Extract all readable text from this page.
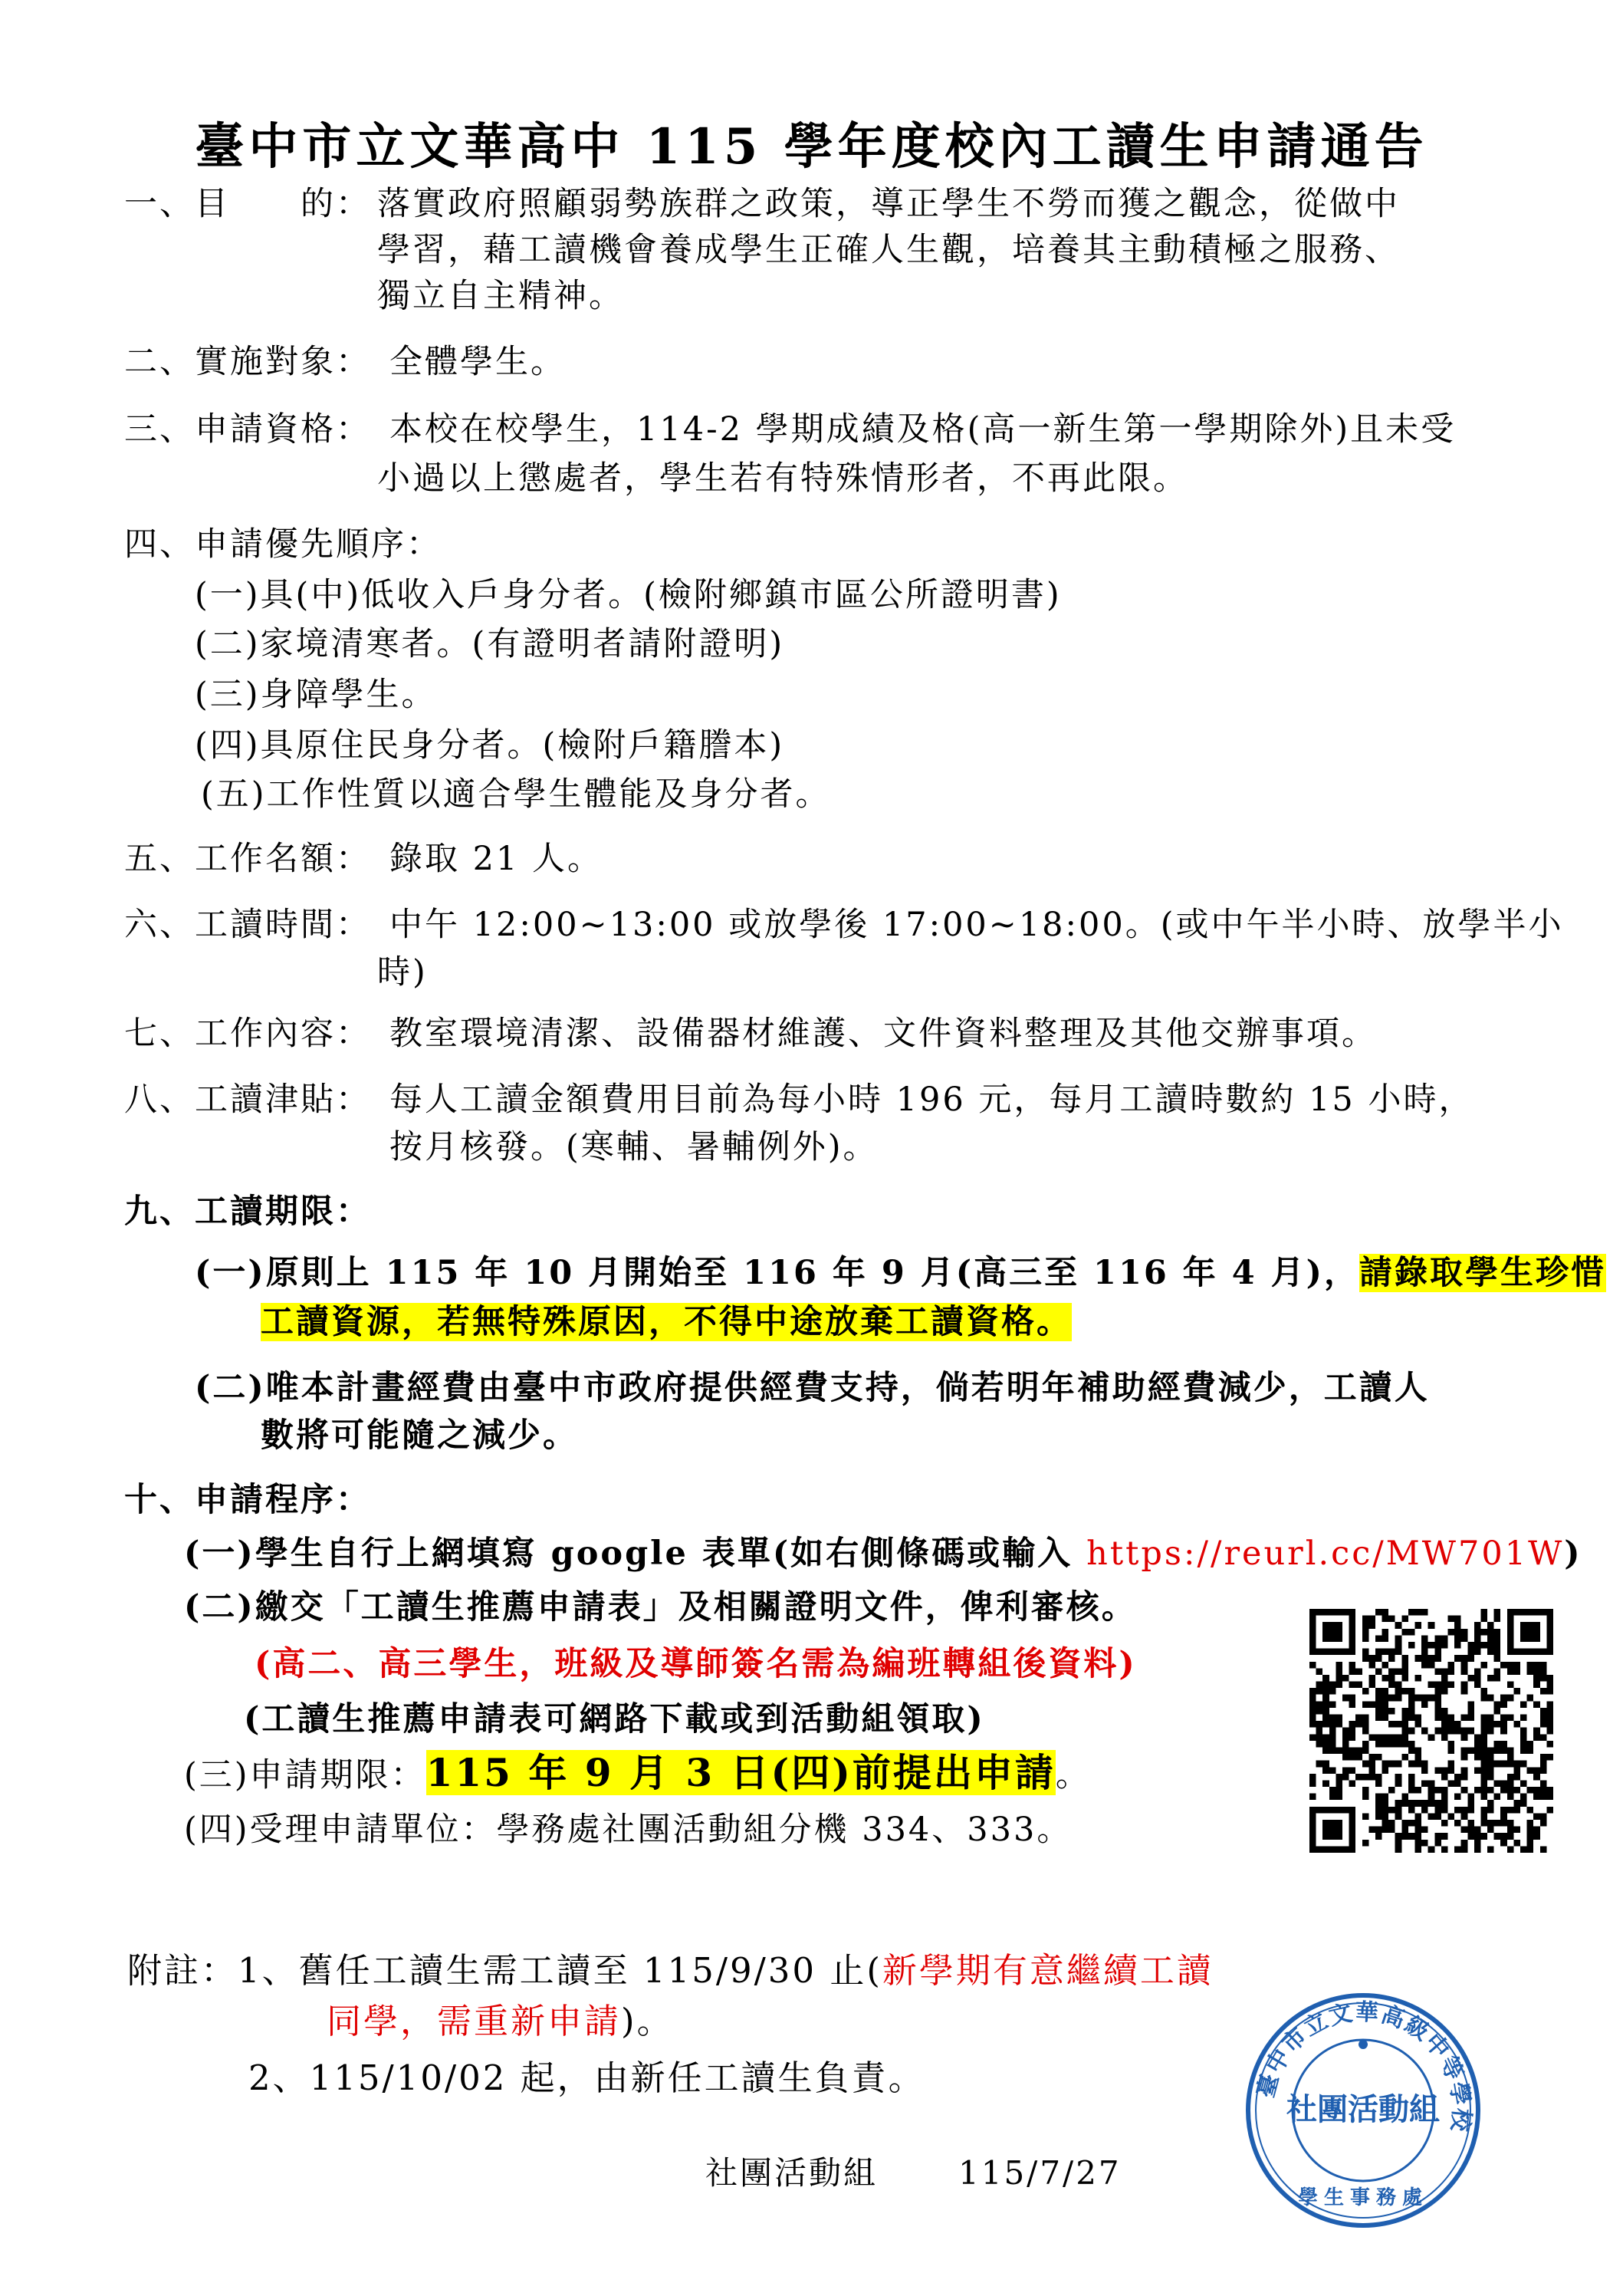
臺中市立文華高中 115 學年度校內工讀生申請通告
一、目　　的： 落實政府照顧弱勢族群之政策，導正學生不勞而獲之觀念，從做中
學習，藉工讀機會養成學生正確人生觀，培養其主動積極之服務、
獨立自主精神。
二、實施對象： 全體學生。
三、申請資格： 本校在校學生，114-2 學期成績及格(高一新生第一學期除外)且未受
小過以上懲處者，學生若有特殊情形者，不再此限。
四、申請優先順序：
(一)具(中)低收入戶身分者。(檢附鄉鎮市區公所證明書)
(二)家境清寒者。(有證明者請附證明)
(三)身障學生。
(四)具原住民身分者。(檢附戶籍謄本)
(五)工作性質以適合學生體能及身分者。
五、工作名額： 錄取 21 人。
六、工讀時間： 中午 12:00~13:00 或放學後 17:00~18:00。(或中午半小時、放學半小
時)
七、工作內容： 教室環境清潔、設備器材維護、文件資料整理及其他交辦事項。
八、工讀津貼： 每人工讀金額費用目前為每小時 196 元，每月工讀時數約 15 小時，
按月核發。(寒輔、暑輔例外)。
九、工讀期限：
(一)原則上 115 年 10 月開始至 116 年 9 月(高三至 116 年 4 月)，請錄取學生珍惜
工讀資源，若無特殊原因，不得中途放棄工讀資格。
(二)唯本計畫經費由臺中市政府提供經費支持，倘若明年補助經費減少，工讀人
數將可能隨之減少。
十、申請程序：
(一)學生自行上網填寫 google 表單(如右側條碼或輸入 https://reurl.cc/MW701W)
(二)繳交「工讀生推薦申請表」及相關證明文件，俾利審核。
(高二、高三學生，班級及導師簽名需為編班轉組後資料)
(工讀生推薦申請表可網路下載或到活動組領取)
(三)申請期限：115 年 9 月 3 日(四)前提出申請。
(四)受理申請單位：學務處社團活動組分機 334、333。
附註：1、舊任工讀生需工讀至 115/9/30 止(新學期有意繼續工讀
同學，需重新申請)。
2、115/10/02 起，由新任工讀生負責。
社團活動組 115/7/27
臺中市立文華高級中等學校
社團活動組
學生事務處
